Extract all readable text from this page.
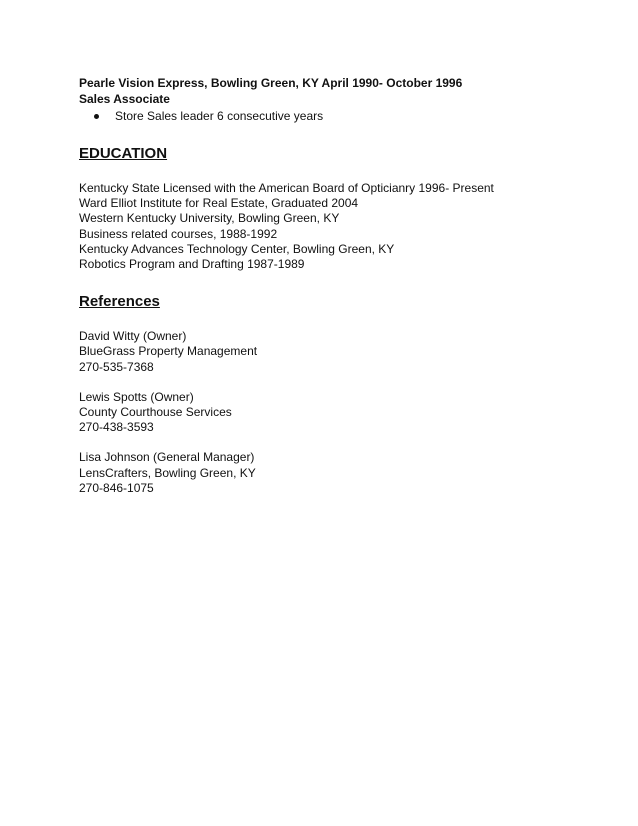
Pearle Vision Express, Bowling Green, KY April 1990- October 1996

Sales Associate

Store Sales leader 6 consecutive years

EDUCATION

Kentucky State Licensed with the American Board of Opticianry 1996- Present
Ward Elliot Institute for Real Estate, Graduated 2004
Western Kentucky University, Bowling Green, KY
Business related courses, 1988-1992
Kentucky Advances Technology Center, Bowling Green, KY
Robotics Program and Drafting 1987-1989

References

David Witty (Owner)
BlueGrass Property Management
270-535-7368
Lewis Spotts (Owner)
County Courthouse Services
270-438-3593
Lisa Johnson (General Manager)
LensCrafters, Bowling Green, KY
270-846-1075
